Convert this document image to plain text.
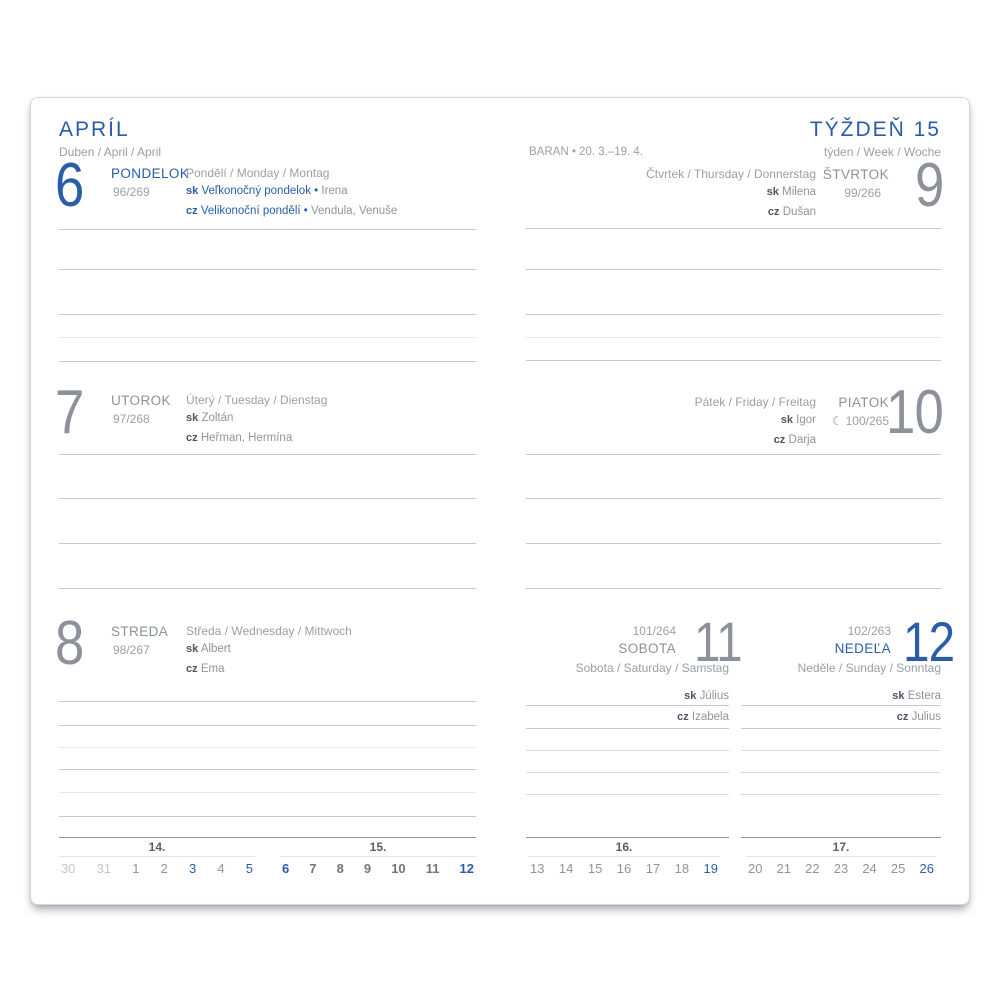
APRÍL
Duben / April / April
TÝŽDEŇ 15
týden / Week / Woche
BARAN • 20. 3.–19. 4.
6 PONDELOK
96/269
Pondělí / Monday / Montag
sk Veľkonočný pondelok • Irena
cz Velikonoční pondělí • Vendula, Venuše
7 UTOROK
97/268
Úterý / Tuesday / Dienstag
sk Zoltán
cz Heřman, Hermína
8 STREDA
98/267
Středa / Wednesday / Mittwoch
sk Albert
cz Ema
9
ŠTVRTOK
99/266
Čtvrtek / Thursday / Donnerstag
sk Milena
cz Dušan
10
PIATOK
☾ 100/265
Pátek / Friday / Freitag
sk Igor
cz Darja
11
101/264
SOBOTA
Sobota / Saturday / Samstag
sk Július
cz Izabela
12
102/263
NEDEĽA
Neděle / Sunday / Sonntag
sk Estera
cz Julius
14.
30 31 1 2 3 4 5
15.
6 7 8 9 10 11 12
16.
13 14 15 16 17 18 19
17.
20 21 22 23 24 25 26
